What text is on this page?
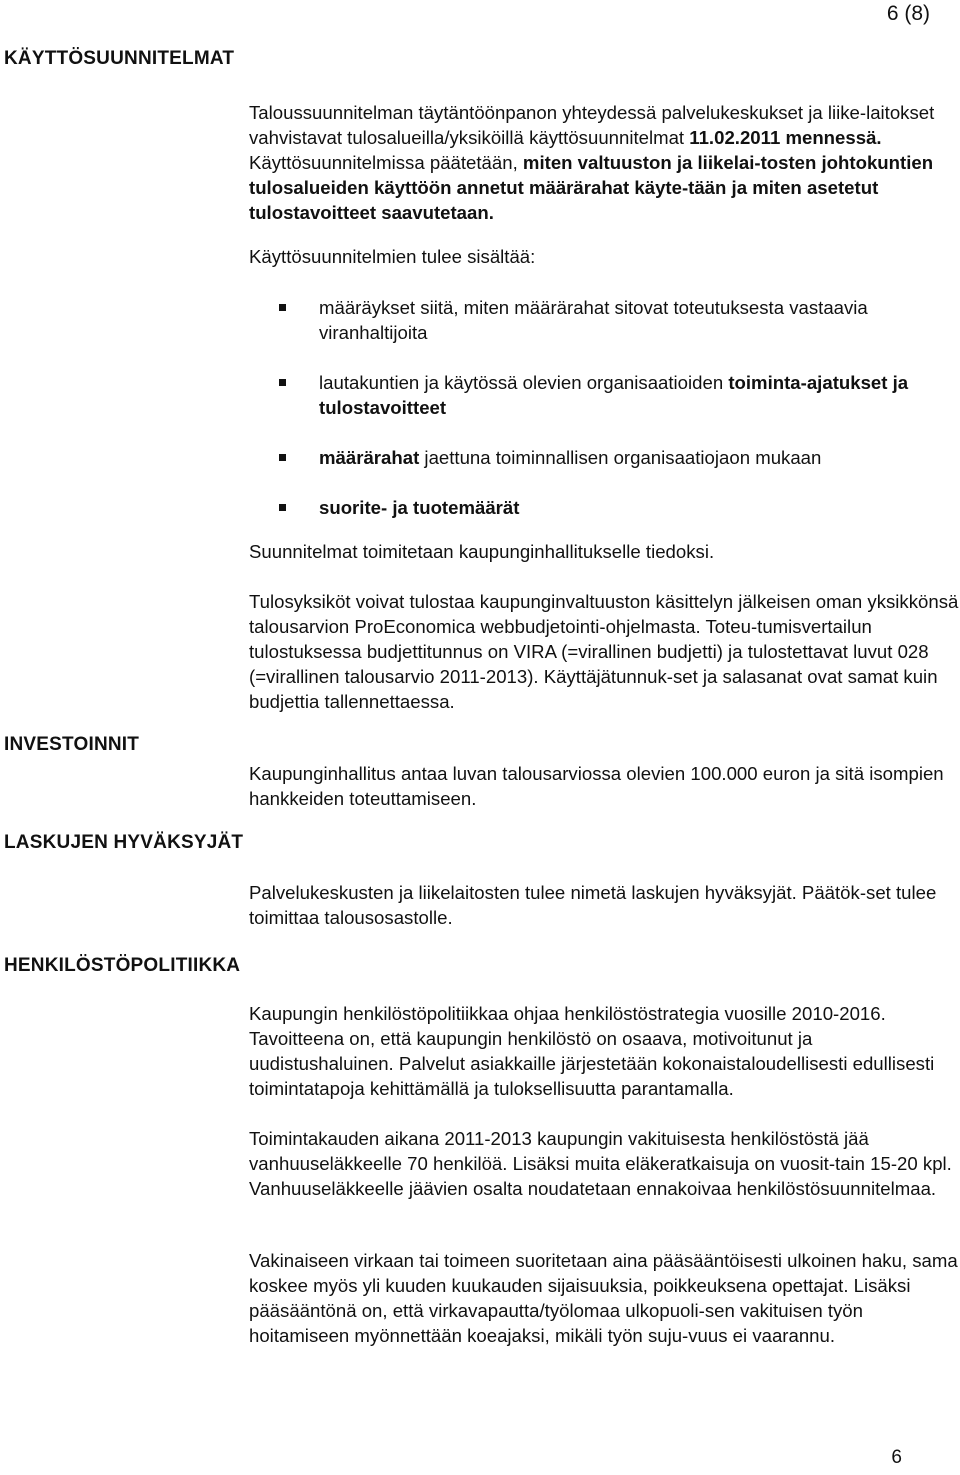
6 (8)
KÄYTTÖSUUNNITELMAT
Taloussuunnitelman täytäntöönpanon yhteydessä palvelukeskukset ja liike-laitokset vahvistavat tulosalueilla/yksiköillä käyttösuunnitelmat 11.02.2011 mennessä. Käyttösuunnitelmissa päätetään, miten valtuuston ja liikelai-tosten johtokuntien tulosalueiden käyttöön annetut määrärahat käyte-tään ja miten asetetut tulostavoitteet saavutetaan.
Käyttösuunnitelmien tulee sisältää:
määräykset siitä, miten määrärahat sitovat toteutuksesta vastaavia viranhaltijoita
lautakuntien ja käytössä olevien organisaatioiden toiminta-ajatukset ja tulostavoitteet
määrärahat jaettuna toiminnallisen organisaatiojaon mukaan
suorite- ja tuotemäärät
Suunnitelmat toimitetaan kaupunginhallitukselle tiedoksi.
Tulosyksiköt voivat tulostaa kaupunginvaltuuston käsittelyn jälkeisen oman yksikkönsä talousarvion ProEconomica webbudjetointi-ohjelmasta. Toteu-tumisvertailun tulostuksessa budjettitunnus on VIRA (=virallinen budjetti) ja tulostettavat luvut 028 (=virallinen talousarvio 2011-2013). Käyttäjätunnuk-set ja salasanat ovat samat kuin budjettia tallennettaessa.
INVESTOINNIT
Kaupunginhallitus antaa luvan talousarviossa olevien 100.000 euron ja sitä isompien hankkeiden toteuttamiseen.
LASKUJEN HYVÄKSYJÄT
Palvelukeskusten ja liikelaitosten tulee nimetä laskujen hyväksyjät. Päätök-set tulee toimittaa talousosastolle.
HENKILÖSTÖPOLITIIKKA
Kaupungin henkilöstöpolitiikkaa ohjaa henkilöstöstrategia vuosille 2010-2016. Tavoitteena on, että kaupungin henkilöstö on osaava, motivoitunut ja uudistushaluinen. Palvelut asiakkaille järjestetään kokonaistaloudellisesti edullisesti toimintatapoja kehittämällä ja tuloksellisuutta parantamalla.
Toimintakauden aikana 2011-2013 kaupungin vakituisesta henkilöstöstä jää vanhuuseläkkeelle 70 henkilöä. Lisäksi muita eläkeratkaisuja on vuosit-tain 15-20 kpl. Vanhuuseläkkeelle jäävien osalta noudatetaan ennakoivaa henkilöstösuunnitelmaa.
Vakinaiseen virkaan tai toimeen suoritetaan aina pääsääntöisesti ulkoinen haku, sama koskee myös yli kuuden kuukauden sijaisuuksia, poikkeuksena opettajat. Lisäksi pääsääntönä on, että virkavapautta/työlomaa ulkopuoli-sen vakituisen työn hoitamiseen myönnettään koeajaksi, mikäli työn suju-vuus ei vaarannu.
6
